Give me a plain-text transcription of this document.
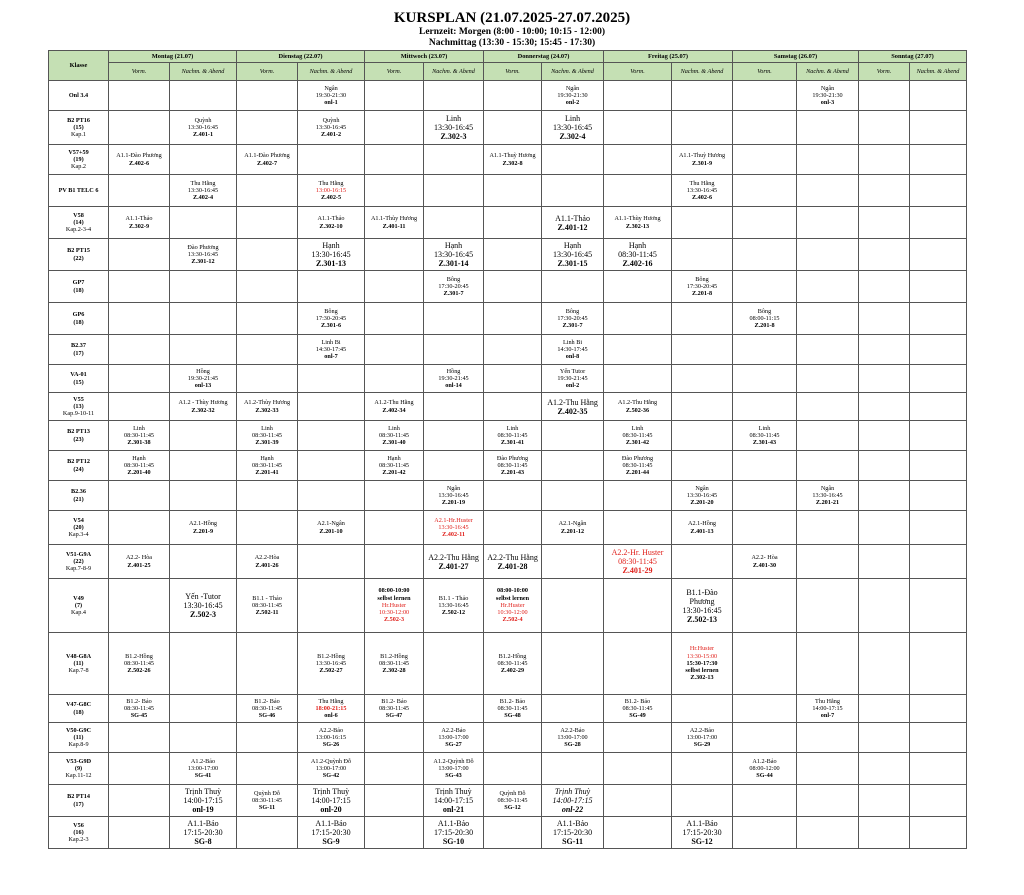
KURSPLAN (21.07.2025-27.07.2025)
Lernzeit: Morgen (8:00 - 10:00; 10:15 - 12:00)
Nachmittag (13:30 - 15:30; 15:45 - 17:30)
Klasse	Montag (21.07)		Dienstag (22.07)		Mittwoch (23.07)		Donnerstag (24.07)		Freitag (25.07)		Samstag (26.07)		Sonntag (27.07)	
	Vorm.	Nachm. & Abend	Vorm.	Nachm. & Abend	Vorm.	Nachm. & Abend	Vorm.	Nachm. & Abend	Vorm.	Nachm. & Abend	Vorm.	Nachm. & Abend	Vorm.	Nachm. & Abend

Onl 3.4				Ngân
19:30-21:30
onl-1				Ngân
19:30-21:30
onl-2				Ngân
19:30-21:30
onl-3		

B2 PT16
(15)
Kap.1		Quỳnh
13:30-16:45
Z.401-1		Quỳnh
13:30-16:45
Z.401-2		Linh
13:30-16:45
Z.302-3		Linh
13:30-16:45
Z.302-4						

V57+59
(19)
Kap.2	A1.1-Đào Phương
Z.402-6		A1.1-Đào Phương
Z.402-7				A1.1-Thuỳ Hương
Z.302-8			A1.1-Thuỳ Hương
Z.301-9				

PV B1 TELC 6		Thu Hằng
13:30-16:45
Z.402-4		Thu Hằng
13:00-16:15
Z.402-5						Thu Hằng
13:30-16:45
Z.402-6				

V58
(14)
Kap.2-3-4	A1.1-Thảo
Z.302-9			A1.1-Thảo
Z.302-10	A1.1-Thùy Hương
Z.401-11			A1.1-Thảo
Z.401-12	A1.1-Thùy Hương
Z.302-13					

B2 PT15
(22)		Đào Phương
13:30-16:45
Z.301-12		Hạnh
13:30-16:45
Z.301-13		Hạnh
13:30-16:45
Z.301-14		Hạnh
13:30-16:45
Z.301-15	Hạnh
08:30-11:45
Z.402-16					

GP7
(18)						Bông
17:30-20:45
Z.301-7				Bông
17:30-20:45
Z.201-8				

GP6
(18)				Bông
17:30-20:45
Z.301-6				Bông
17:30-20:45
Z.301-7			Bông
08:00-11:15
Z.201-8			

B2.37
(17)				Linh Bi
14:30-17:45
onl-7				Linh Bi
14:30-17:45
onl-8						

VA-01
(15)		Hồng
19:30-21:45
onl-13				Hồng
19:30-21:45
onl-14		Yến Tutor
19:30-21:45
onl-2						

V55
(13)
Kap.9-10-11		A1.2 - Thùy Hương
Z.302-32	A1.2-Thùy Hương
Z.302-33		A1.2-Thu Hằng
Z.402-34			A1.2-Thu Hằng
Z.402-35	A1.2-Thu Hằng
Z.502-36					

B2 PT13
(23)	Linh
08:30-11:45
Z.301-38		Linh
08:30-11:45
Z.301-39		Linh
08:30-11:45
Z.301-40		Linh
08:30-11:45
Z.301-41		Linh
08:30-11:45
Z.301-42		Linh
08:30-11:45
Z.301-43			

B2 PT12
(24)	Hạnh
08:30-11:45
Z.201-40		Hạnh
08:30-11:45
Z.201-41		Hạnh
08:30-11:45
Z.201-42		Đào Phương
08:30-11:45
Z.201-43		Đào Phương
08:30-11:45
Z.201-44					

B2.36
(21)						Ngân
13:30-16:45
Z.201-19				Ngân
13:30-16:45
Z.201-20		Ngân
13:30-16:45
Z.201-21		

V54
(20)
Kap.3-4		A2.1-Hồng
Z.201-9		A2.1-Ngân
Z.201-10		A2.1-Hr.Huster
13:30-16:45
Z.402-11		A2.1-Ngân
Z.201-12		A2.1-Hồng
Z.401-13				

V51-G9A
(22)
Kap.7-8-9	A2.2- Hòa
Z.401-25		A2.2-Hòa
Z.401-26			A2.2-Thu Hằng
Z.401-27	A2.2-Thu Hằng
Z.401-28		A2.2-Hr. Huster
08:30-11:45
Z.401-29		A2.2- Hòa
Z.401-30			

V49
(7)
Kap.4		Yến -Tutor
13:30-16:45
Z.502-3	B1.1 - Thảo
08:30-11:45
Z.502-11		08:00-10:00
selbst lernen
Hr.Huster
10:30-12:00
Z.502-3	B1.1 - Thảo
13:30-16:45
Z.502-12	08:00-10:00
selbst lernen
Hr.Huster
10:30-12:00
Z.502-4			B1.1-Đào Phương
13:30-16:45
Z.502-13				

V48-G8A
(11)
Kap.7-8	B1.2-Hồng
08:30-11:45
Z.502-26			B1.2-Hồng
13:30-16:45
Z.502-27	B1.2-Hồng
08:30-11:45
Z.302-28		B1.2-Hồng
08:30-11:45
Z.402-29			Hr.Huster
13:30-15:00
15:30-17:30
selbst lernen
Z.302-13				

V47-G8C
(18)	B1.2- Bảo
08:30-11:45
SG-45		B1.2- Bảo
08:30-11:45
SG-46	Thu Hằng
18:00-21:15
onl-6	B1.2- Bảo
08:30-11:45
SG-47		B1.2- Bảo
08:30-11:45
SG-48		B1.2- Bảo
08:30-11:45
SG-49			Thu Hằng
14:00-17:15
onl-7		

V50-G9C
(11)
Kap.8-9				A2.2-Bảo
13:00-16:15
SG-26		A2.2-Bảo
13:00-17:00
SG-27		A2.2-Bảo
13:00-17:00
SG-28		A2.2-Bảo
13:00-17:00
SG-29				

V53-G9D
(9)
Kap.11-12		A1.2-Bảo
13:00-17:00
SG-41		A1.2-Quỳnh Đỗ
13:00-17:00
SG-42		A1.2-Quỳnh Đỗ
13:00-17:00
SG-43					A1.2-Bảo
08:00-12:00
SG-44			

B2 PT14
(17)		Trịnh Thuỳ
14:00-17:15
onl-19	Quỳnh Đỗ
08:30-11:45
SG-11	Trịnh Thuỳ
14:00-17:15
onl-20		Trịnh Thuỳ
14:00-17:15
onl-21	Quỳnh Đỗ
08:30-11:45
SG-12	Trịnh Thuỳ
14:00-17:15
onl-22						

V56
(16)
Kap.2-3		A1.1-Bảo
17:15-20:30
SG-8		A1.1-Bảo
17:15-20:30
SG-9		A1.1-Bảo
17:15-20:30
SG-10		A1.1-Bảo
17:15-20:30
SG-11		A1.1-Bảo
17:15-20:30
SG-12				
